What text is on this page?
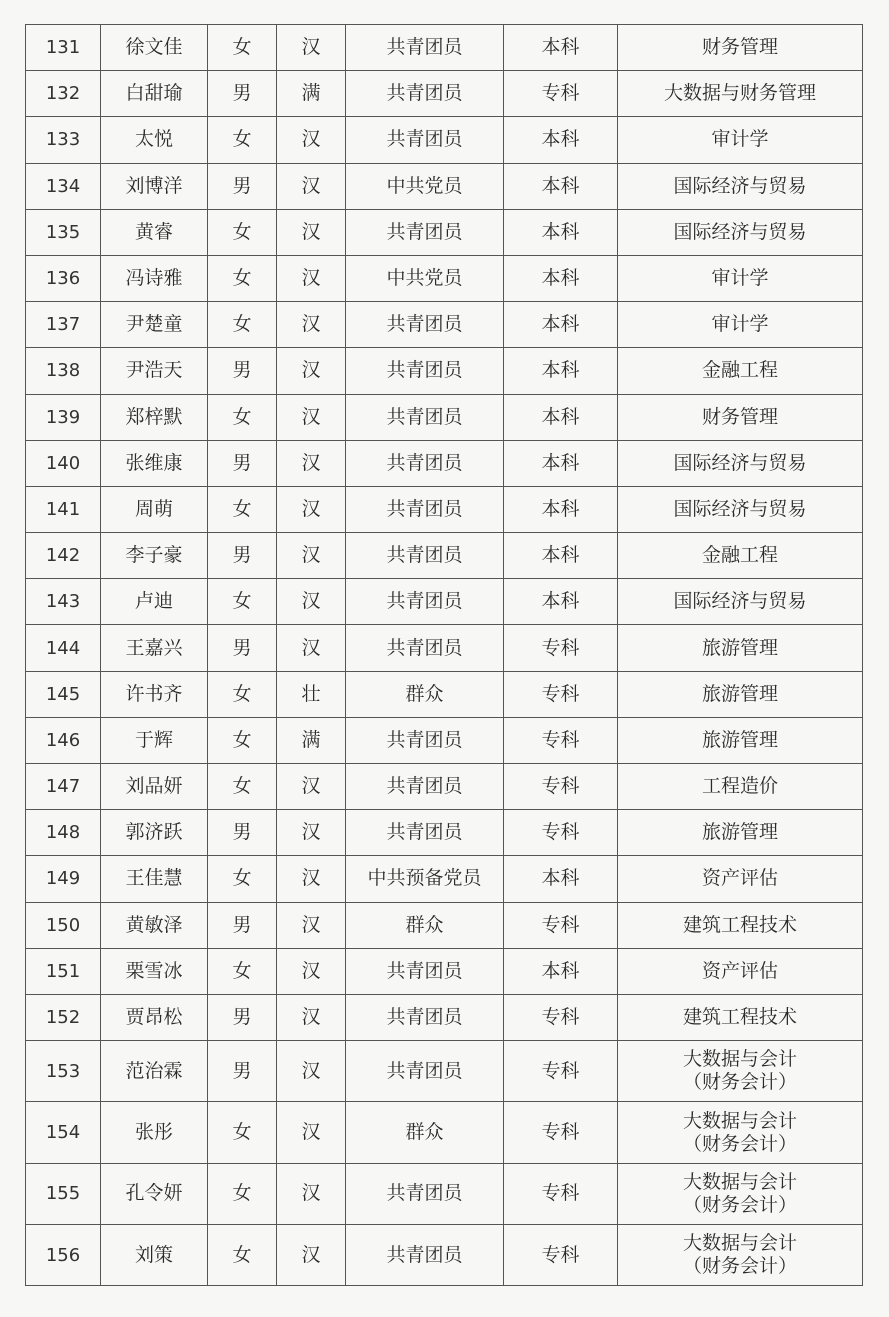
131	徐文佳	女	汉	共青团员	本科	财务管理

132	白甜瑜	男	满	共青团员	专科	大数据与财务管理

133	太悦	女	汉	共青团员	本科	审计学

134	刘博洋	男	汉	中共党员	本科	国际经济与贸易

135	黄睿	女	汉	共青团员	本科	国际经济与贸易

136	冯诗雅	女	汉	中共党员	本科	审计学

137	尹楚童	女	汉	共青团员	本科	审计学

138	尹浩天	男	汉	共青团员	本科	金融工程

139	郑梓默	女	汉	共青团员	本科	财务管理

140	张维康	男	汉	共青团员	本科	国际经济与贸易

141	周萌	女	汉	共青团员	本科	国际经济与贸易

142	李子豪	男	汉	共青团员	本科	金融工程

143	卢迪	女	汉	共青团员	本科	国际经济与贸易

144	王嘉兴	男	汉	共青团员	专科	旅游管理

145	许书齐	女	壮	群众	专科	旅游管理

146	于辉	女	满	共青团员	专科	旅游管理

147	刘品妍	女	汉	共青团员	专科	工程造价

148	郭济跃	男	汉	共青团员	专科	旅游管理

149	王佳慧	女	汉	中共预备党员	本科	资产评估

150	黄敏泽	男	汉	群众	专科	建筑工程技术

151	栗雪冰	女	汉	共青团员	本科	资产评估

152	贾昂松	男	汉	共青团员	专科	建筑工程技术

153	范治霖	男	汉	共青团员	专科	大数据与会计
（财务会计）

154	张彤	女	汉	群众	专科	大数据与会计
（财务会计）

155	孔令妍	女	汉	共青团员	专科	大数据与会计
（财务会计）

156	刘策	女	汉	共青团员	专科	大数据与会计
（财务会计）
